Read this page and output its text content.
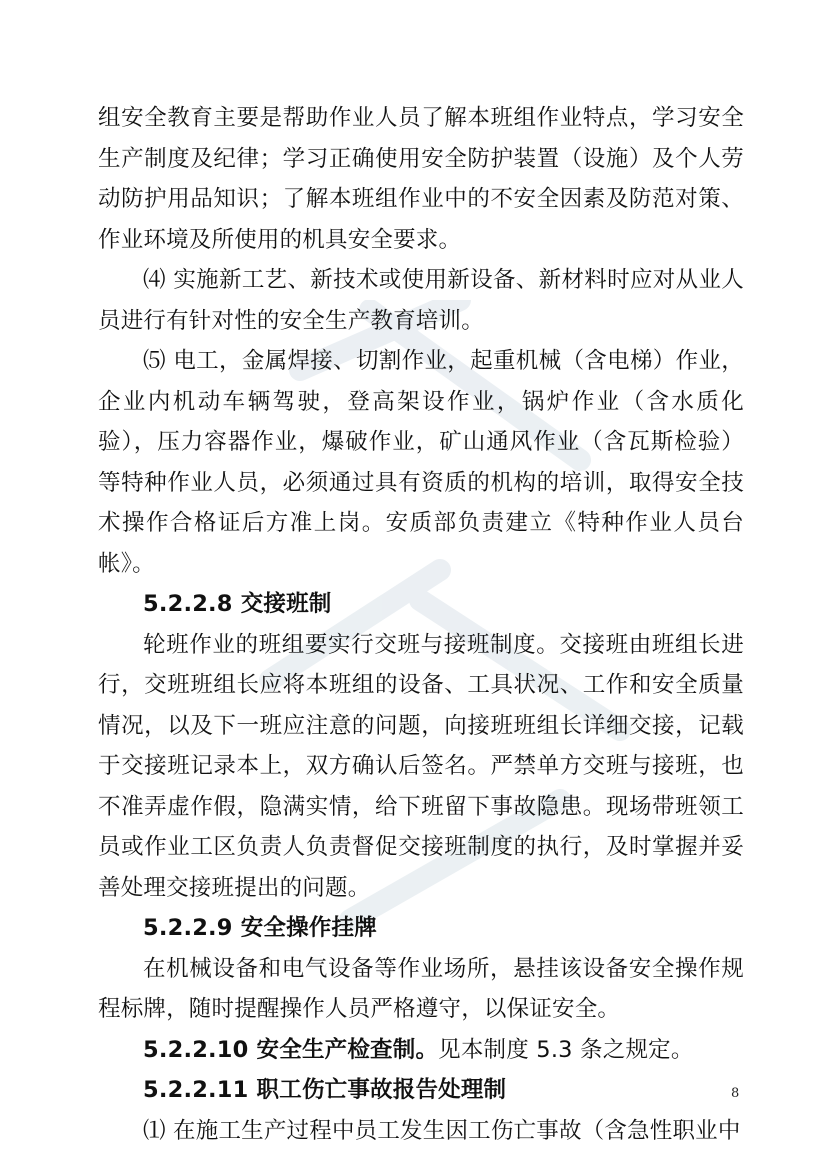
组安全教育主要是帮助作业人员了解本班组作业特点，学习安全生产制度及纪律；学习正确使用安全防护装置（设施）及个人劳动防护用品知识；了解本班组作业中的不安全因素及防范对策、作业环境及所使用的机具安全要求。

⑷ 实施新工艺、新技术或使用新设备、新材料时应对从业人员进行有针对性的安全生产教育培训。

⑸ 电工，金属焊接、切割作业，起重机械（含电梯）作业，企业内机动车辆驾驶，登高架设作业，锅炉作业（含水质化验），压力容器作业，爆破作业，矿山通风作业（含瓦斯检验）等特种作业人员，必须通过具有资质的机构的培训，取得安全技术操作合格证后方准上岗。安质部负责建立《特种作业人员台帐》。

5.2.2.8 交接班制

轮班作业的班组要实行交班与接班制度。交接班由班组长进行，交班班组长应将本班组的设备、工具状况、工作和安全质量情况，以及下一班应注意的问题，向接班班组长详细交接，记载于交接班记录本上，双方确认后签名。严禁单方交班与接班，也不准弄虚作假，隐满实情，给下班留下事故隐患。现场带班领工员或作业工区负责人负责督促交接班制度的执行，及时掌握并妥善处理交接班提出的问题。

5.2.2.9 安全操作挂牌

在机械设备和电气设备等作业场所，悬挂该设备安全操作规程标牌，随时提醒操作人员严格遵守，以保证安全。

5.2.2.10 安全生产检查制。见本制度 5.3 条之规定。

5.2.2.11 职工伤亡事故报告处理制

⑴ 在施工生产过程中员工发生因工伤亡事故（含急性职业中

8
